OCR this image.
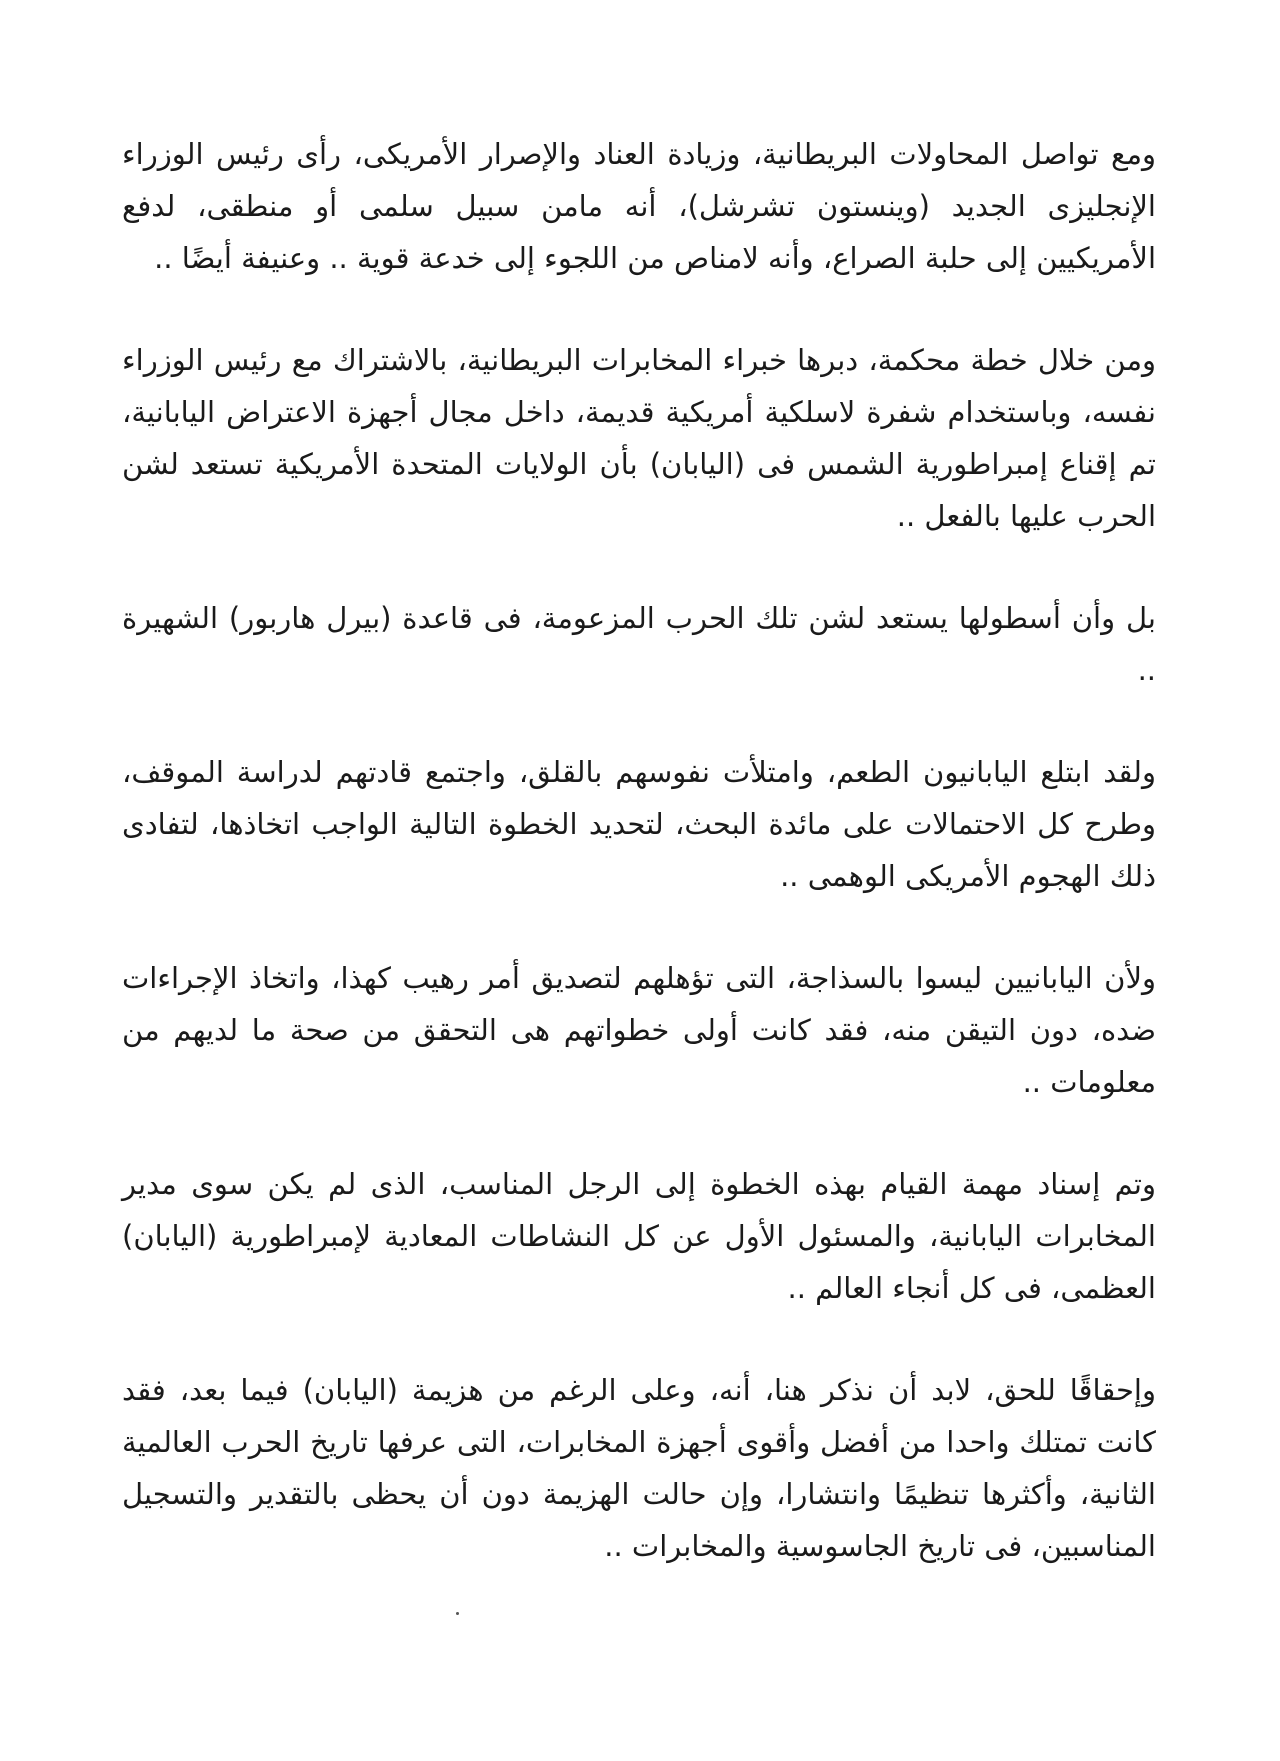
ومع تواصل المحاولات البريطانية، وزيادة العناد والإصرار الأمريكى، رأى رئيس الوزراء الإنجليزى الجديد (وينستون تشرشل)، أنه مامن سبيل سلمى أو منطقى، لدفع الأمريكيين إلى حلبة الصراع، وأنه لامناص من اللجوء إلى خدعة قوية .. وعنيفة أيضًا ..

ومن خلال خطة محكمة، دبرها خبراء المخابرات البريطانية، بالاشتراك مع رئيس الوزراء نفسه، وباستخدام شفرة لاسلكية أمريكية قديمة، داخل مجال أجهزة الاعتراض اليابانية، تم إقناع إمبراطورية الشمس فى (اليابان) بأن الولايات المتحدة الأمريكية تستعد لشن الحرب عليها بالفعل ..

بل وأن أسطولها يستعد لشن تلك الحرب المزعومة، فى قاعدة (بيرل هاربور) الشهيرة ..

ولقد ابتلع اليابانيون الطعم، وامتلأت نفوسهم بالقلق، واجتمع قادتهم لدراسة الموقف، وطرح كل الاحتمالات على مائدة البحث، لتحديد الخطوة التالية الواجب اتخاذها، لتفادى ذلك الهجوم الأمريكى الوهمى ..

ولأن اليابانيين ليسوا بالسذاجة، التى تؤهلهم لتصديق أمر رهيب كهذا، واتخاذ الإجراءات ضده، دون التيقن منه، فقد كانت أولى خطواتهم هى التحقق من صحة ما لديهم من معلومات ..

وتم إسناد مهمة القيام بهذه الخطوة إلى الرجل المناسب، الذى لم يكن سوى مدير المخابرات اليابانية، والمسئول الأول عن كل النشاطات المعادية لإمبراطورية (اليابان) العظمى، فى كل أنجاء العالم ..

وإحقاقًا للحق، لابد أن نذكر هنا، أنه، وعلى الرغم من هزيمة (اليابان) فيما بعد، فقد كانت تمتلك واحدا من أفضل وأقوى أجهزة المخابرات، التى عرفها تاريخ الحرب العالمية الثانية، وأكثرها تنظيمًا وانتشارا، وإن حالت الهزيمة دون أن يحظى بالتقدير والتسجيل المناسبين، فى تاريخ الجاسوسية والمخابرات ..
